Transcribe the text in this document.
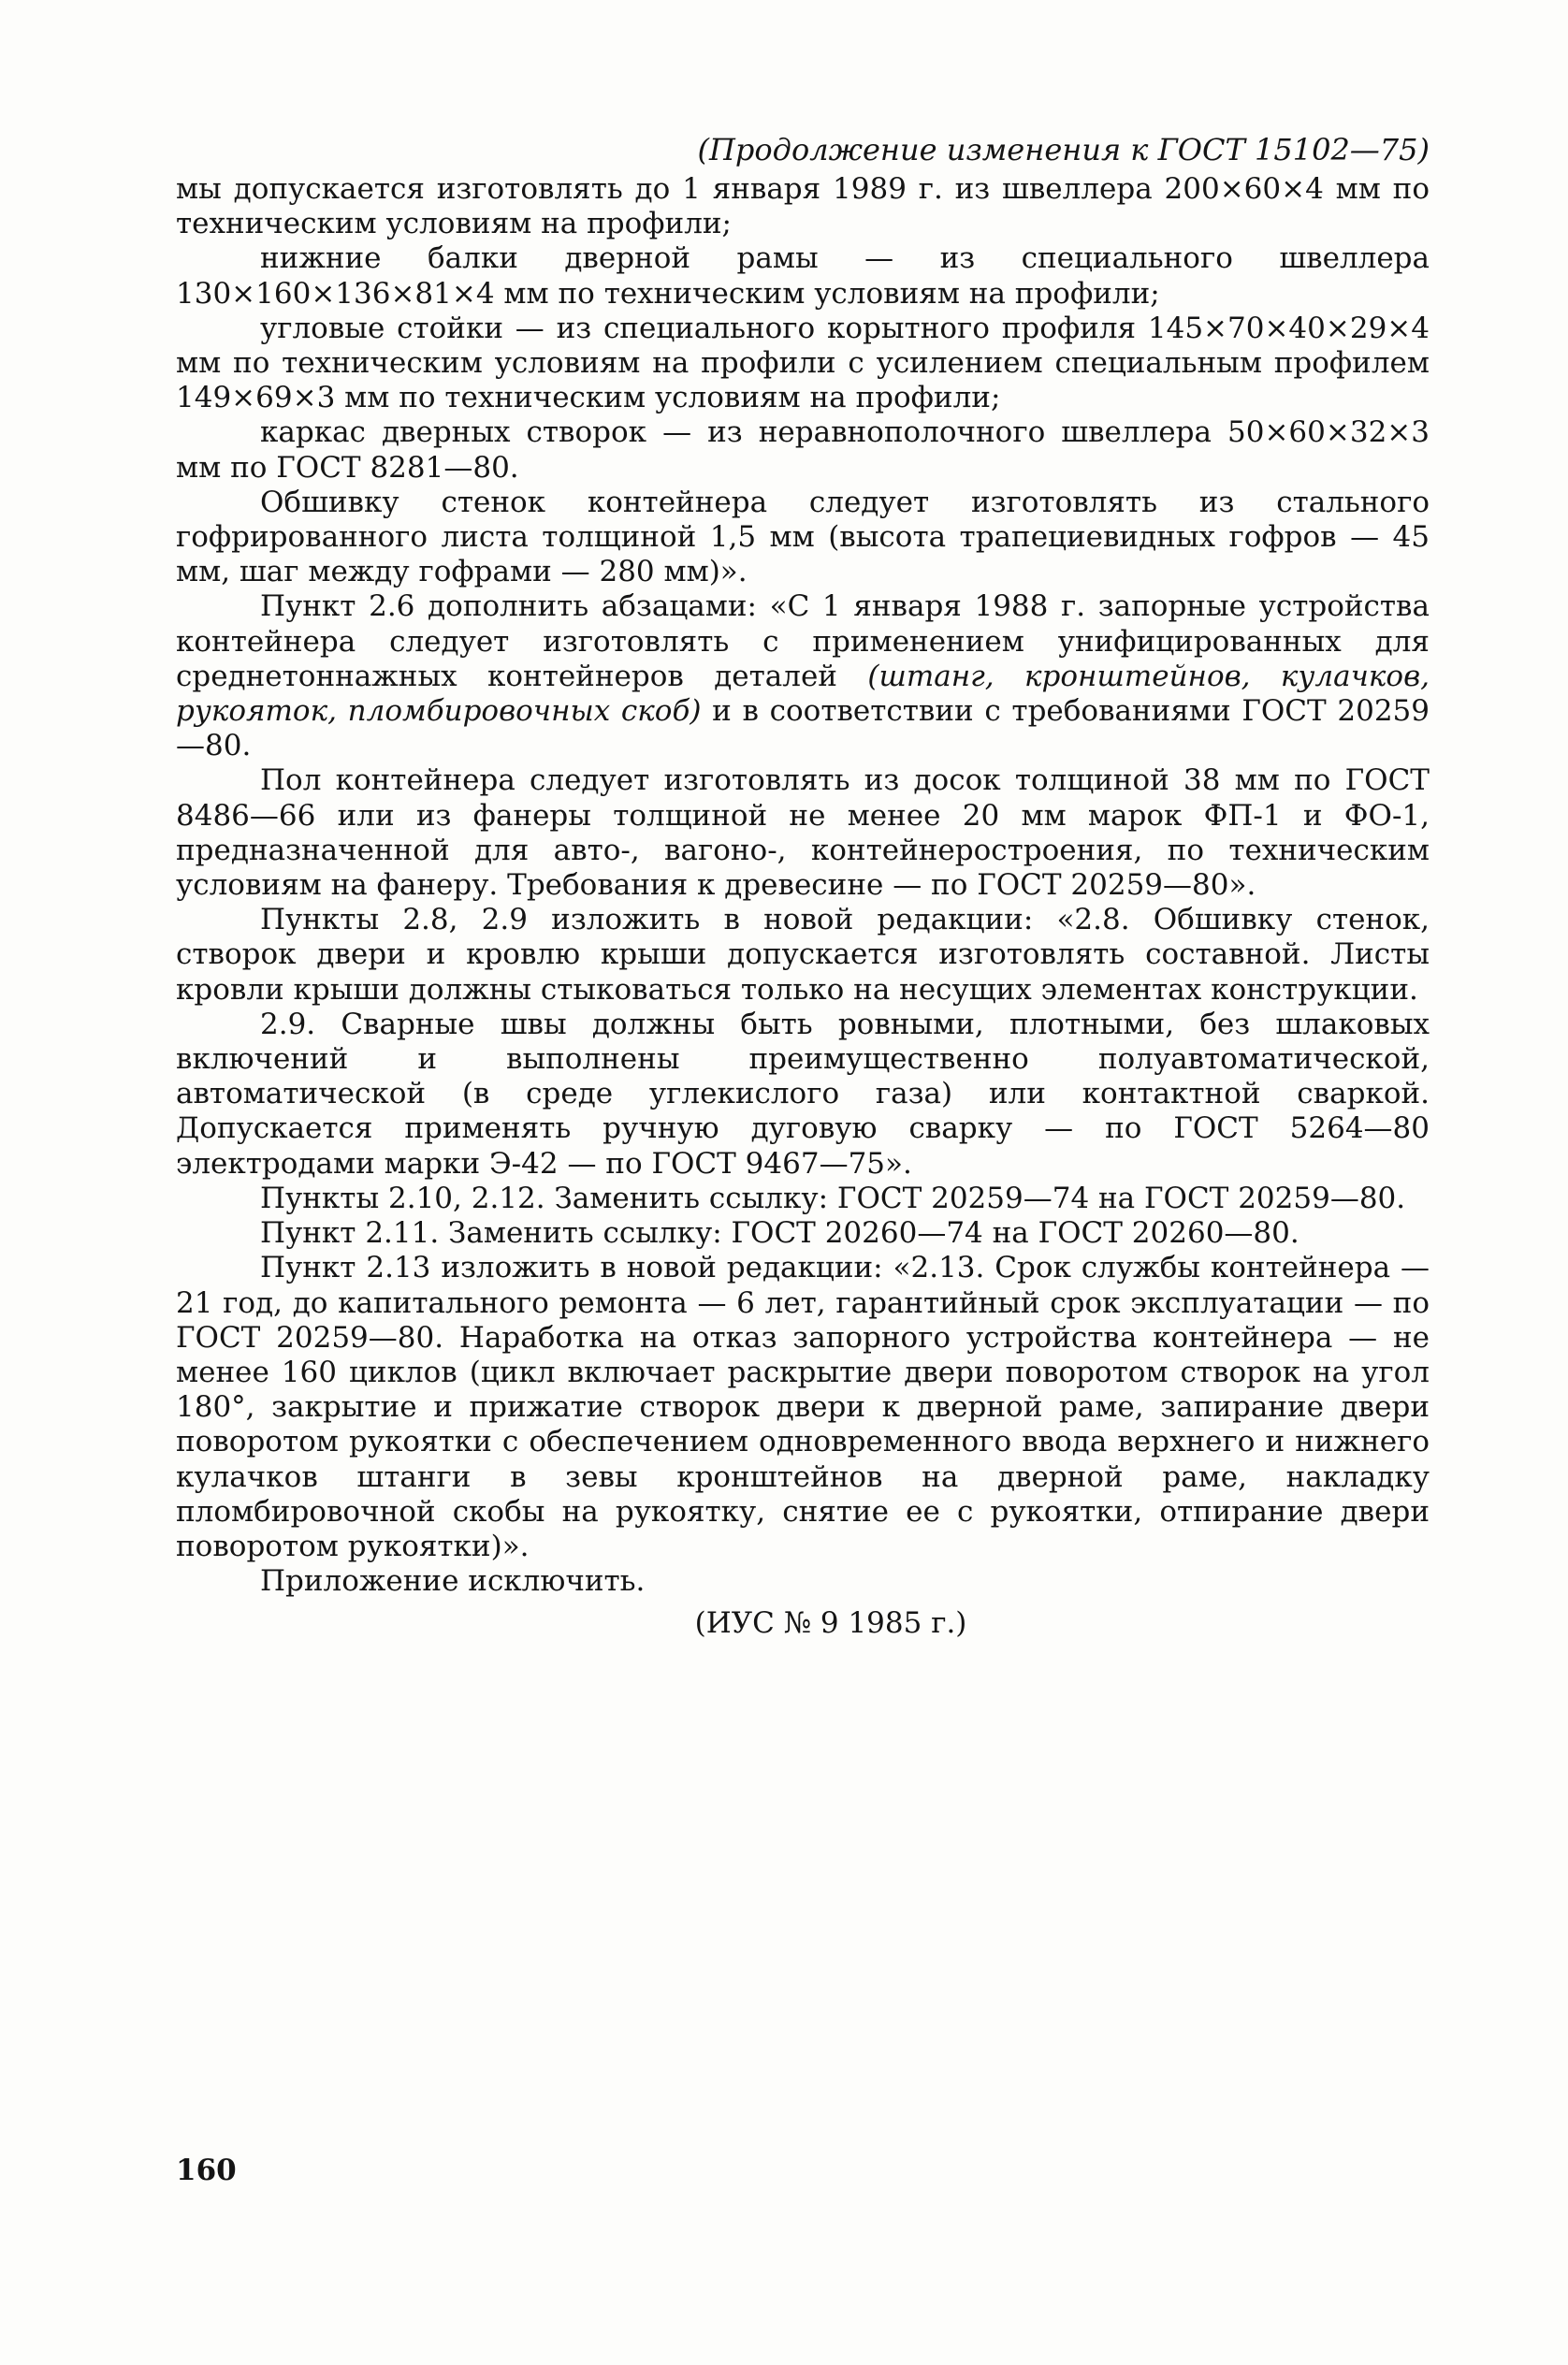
(Продолжение изменения к ГОСТ 15102—75)

мы допускается изготовлять до 1 января 1989 г. из швеллера 200×60×4 мм по техническим условиям на профили;

нижние балки дверной рамы — из специального швеллера 130×160×136×81×4 мм по техническим условиям на профили;

угловые стойки — из специального корытного профиля 145×70×40×29×4 мм по техническим условиям на профили с усилением специальным профилем 149×69×3 мм по техническим условиям на профили;

каркас дверных створок — из неравнополочного швеллера 50×60×32×3 мм по ГОСТ 8281—80.

Обшивку стенок контейнера следует изготовлять из стального гофрированного листа толщиной 1,5 мм (высота трапециевидных гофров — 45 мм, шаг между гофрами — 280 мм)».

Пункт 2.6 дополнить абзацами: «С 1 января 1988 г. запорные устройства контейнера следует изготовлять с применением унифицированных для среднетоннажных контейнеров деталей (штанг, кронштейнов, кулачков, рукояток, пломбировочных скоб) и в соответствии с требованиями ГОСТ 20259—80.

Пол контейнера следует изготовлять из досок толщиной 38 мм по ГОСТ 8486—66 или из фанеры толщиной не менее 20 мм марок ФП-1 и ФО-1, предназначенной для авто-, вагоно-, контейнеростроения, по техническим условиям на фанеру. Требования к древесине — по ГОСТ 20259—80».

Пункты 2.8, 2.9 изложить в новой редакции: «2.8. Обшивку стенок, створок двери и кровлю крыши допускается изготовлять составной. Листы кровли крыши должны стыковаться только на несущих элементах конструкции.

2.9. Сварные швы должны быть ровными, плотными, без шлаковых включений и выполнены преимущественно полуавтоматической, автоматической (в среде углекислого газа) или контактной сваркой. Допускается применять ручную дуговую сварку — по ГОСТ 5264—80 электродами марки Э-42 — по ГОСТ 9467—75».

Пункты 2.10, 2.12. Заменить ссылку: ГОСТ 20259—74 на ГОСТ 20259—80.

Пункт 2.11. Заменить ссылку: ГОСТ 20260—74 на ГОСТ 20260—80.

Пункт 2.13 изложить в новой редакции: «2.13. Срок службы контейнера — 21 год, до капитального ремонта — 6 лет, гарантийный срок эксплуатации — по ГОСТ 20259—80. Наработка на отказ запорного устройства контейнера — не менее 160 циклов (цикл включает раскрытие двери поворотом створок на угол 180°, закрытие и прижатие створок двери к дверной раме, запирание двери поворотом рукоятки с обеспечением одновременного ввода верхнего и нижнего кулачков штанги в зевы кронштейнов на дверной раме, накладку пломбировочной скобы на рукоятку, снятие ее с рукоятки, отпирание двери поворотом рукоятки)».

Приложение исключить.

(ИУС № 9 1985 г.)
160
